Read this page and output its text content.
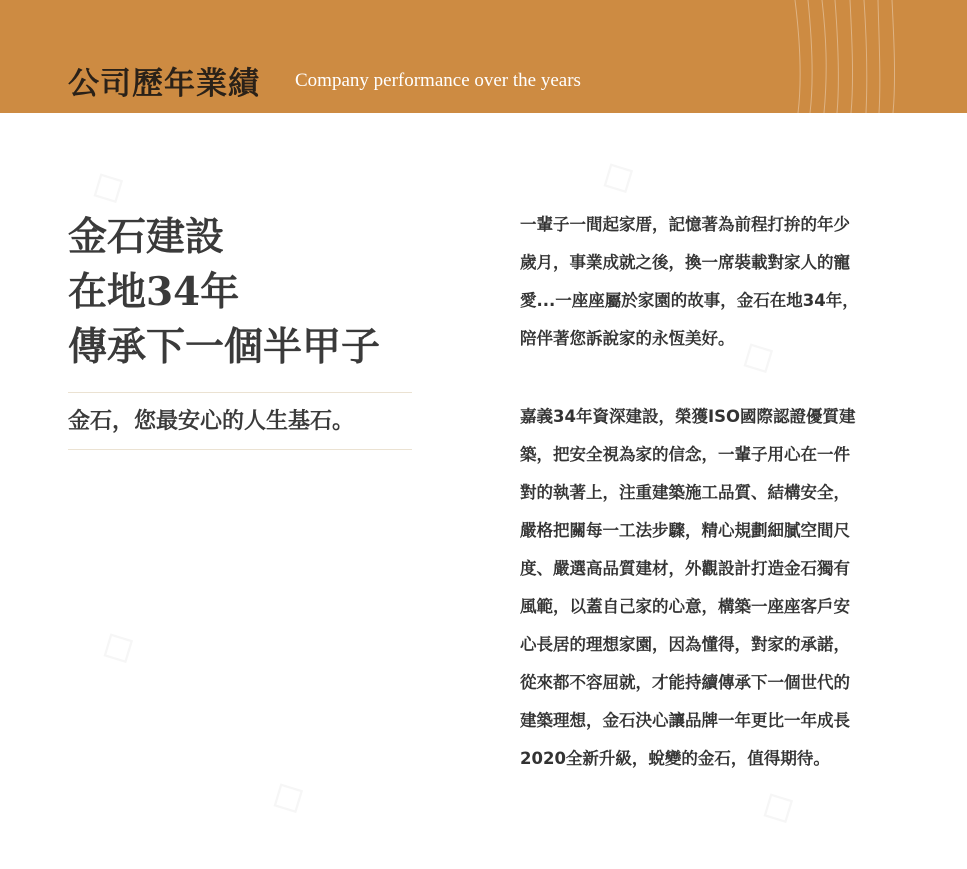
公司歷年業績 Company performance over the years
金石建設
在地34年
傳承下一個半甲子
金石，您最安心的人生基石。
一輩子一間起家厝，記憶著為前程打拚的年少
歲月，事業成就之後，換一席裝載對家人的寵
愛...一座座屬於家園的故事，金石在地34年，
陪伴著您訴說家的永恆美好。
嘉義34年資深建設，榮獲ISO國際認證優質建
築，把安全視為家的信念，一輩子用心在一件
對的執著上，注重建築施工品質、結構安全，
嚴格把關每一工法步驟，精心規劃細膩空間尺
度、嚴選高品質建材，外觀設計打造金石獨有
風範，以蓋自己家的心意，構築一座座客戶安
心長居的理想家園，因為懂得，對家的承諾，
從來都不容屈就，才能持續傳承下一個世代的
建築理想，金石決心讓品牌一年更比一年成長
2020全新升級，蛻變的金石，值得期待。
